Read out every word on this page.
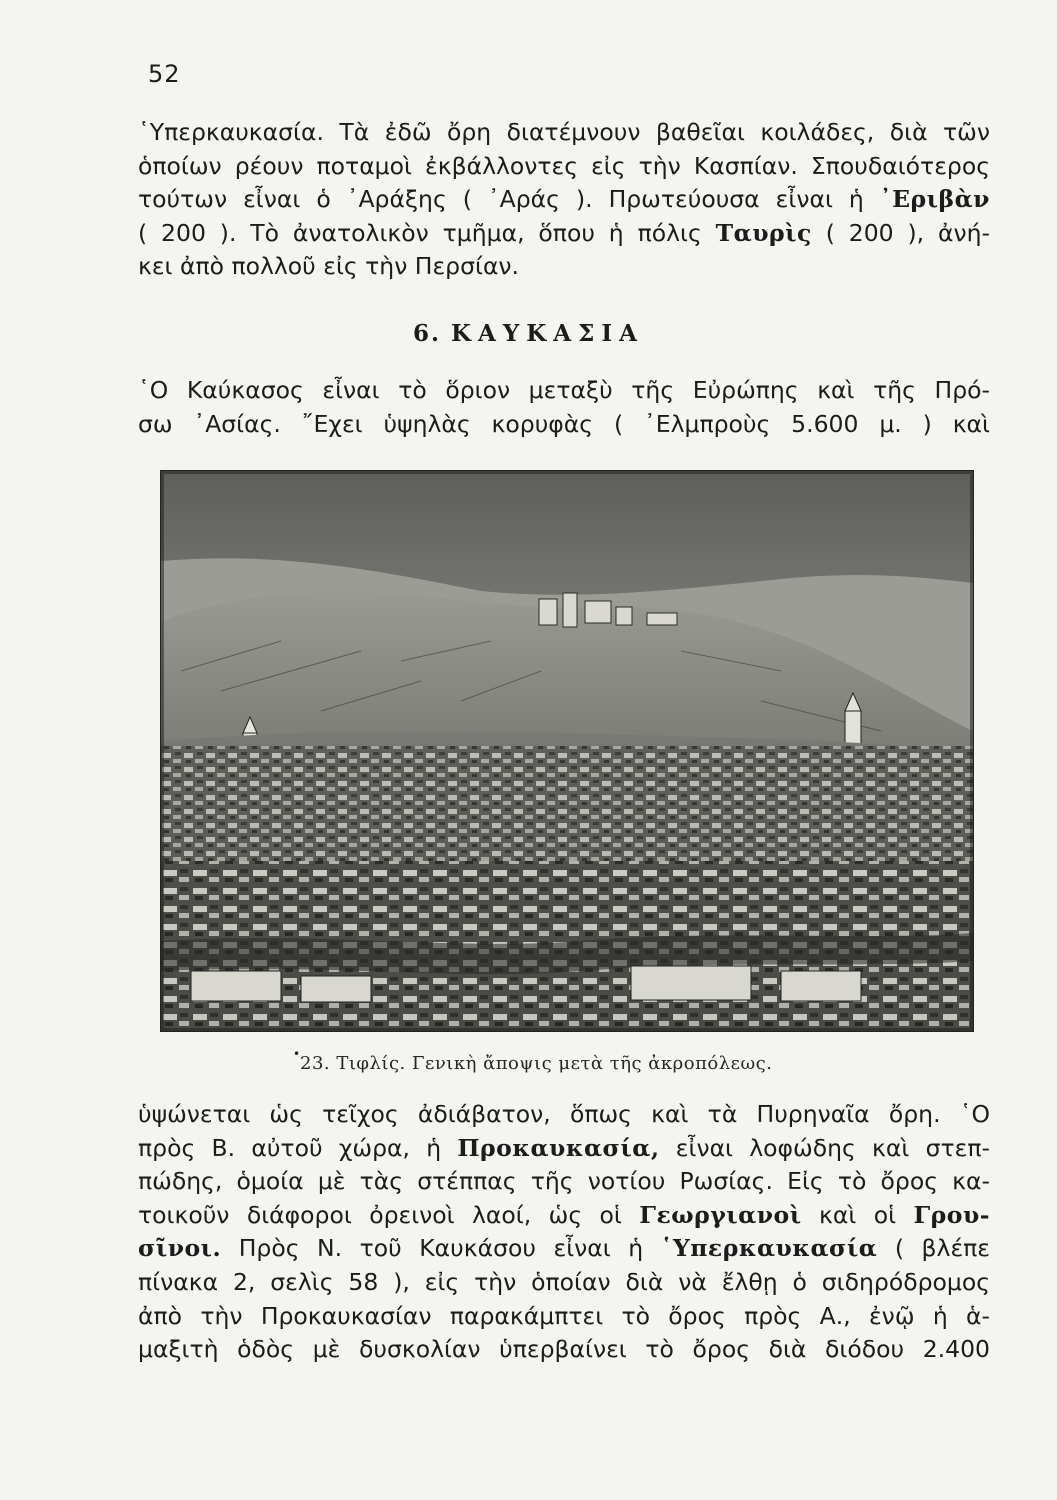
52
῾Υπερκαυκασία. Τὰ ἐδῶ ὄρη διατέμνουν βαθεῖαι κοιλάδες, διὰ τῶν
ὁποίων ρέουν ποταμοὶ ἐκβάλλοντες εἰς τὴν Κασπίαν. Σπουδαιότερος
τούτων εἶναι ὁ ᾿Αράξης ( ᾿Αράς ). Πρωτεύουσα εἶναι ἡ ᾿Εριβὰν
( 200 ). Τὸ ἀνατολικὸν τμῆμα, ὅπου ἡ πόλις Ταυρὶς ( 200 ), ἀνή-
κει ἀπὸ πολλοῦ εἰς τὴν Περσίαν.
6. ΚΑΥΚΑΣΙΑ
῾Ο Καύκασος εἶναι τὸ ὅριον μεταξὺ τῆς Εὐρώπης καὶ τῆς Πρό-
σω ᾿Ασίας. ῎Εχει ὑψηλὰς κορυφὰς ( ᾿Ελμπροὺς 5.600 μ. ) καὶ
• 23. Τιφλίς. Γενικὴ ἄποψις μετὰ τῆς ἀκροπόλεως.
ὑψώνεται ὡς τεῖχος ἀδιάβατον, ὅπως καὶ τὰ Πυρηναῖα ὄρη. ῾Ο
πρὸς Β. αὐτοῦ χώρα, ἡ Προκαυκασία, εἶναι λοφώδης καὶ στεπ-
πώδης, ὁμοία μὲ τὰς στέππας τῆς νοτίου Ρωσίας. Εἰς τὸ ὄρος κα-
τοικοῦν διάφοροι ὀρεινοὶ λαοί, ὡς οἱ Γεωργιανοὶ καὶ οἱ Γρου-
σῖνοι. Πρὸς Ν. τοῦ Καυκάσου εἶναι ἡ ῾Υπερκαυκασία ( βλέπε
πίνακα 2, σελὶς 58 ), εἰς τὴν ὁποίαν διὰ νὰ ἔλθῃ ὁ σιδηρόδρομος
ἀπὸ τὴν Προκαυκασίαν παρακάμπτει τὸ ὄρος πρὸς Α., ἐνῷ ἡ ἁ-
μαξιτὴ ὁδὸς μὲ δυσκολίαν ὑπερβαίνει τὸ ὄρος διὰ διόδου 2.400
